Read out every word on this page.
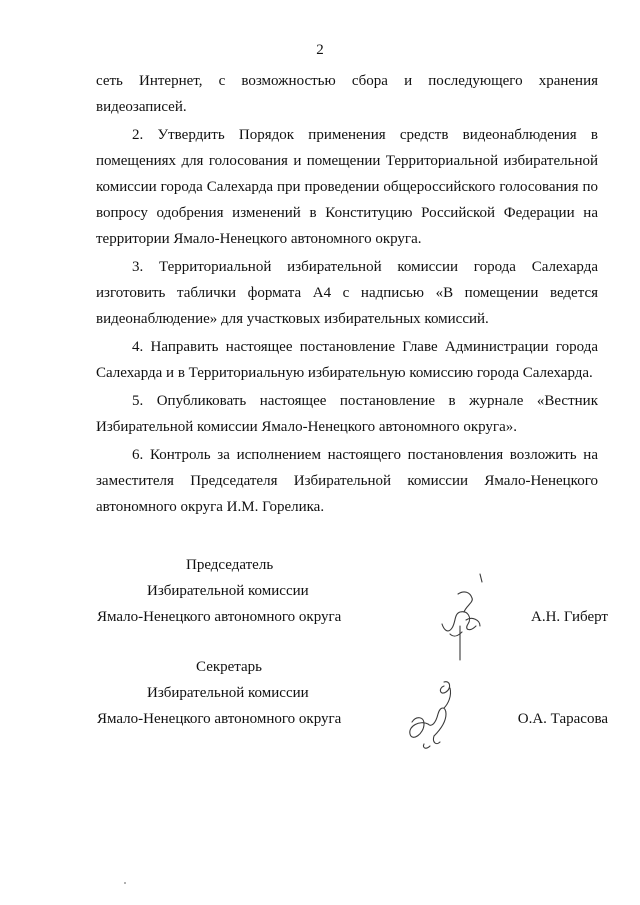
2

сеть Интернет, с возможностью сбора и последующего хранения видеозаписей.

2. Утвердить Порядок применения средств видеонаблюдения в помещениях для голосования и помещении Территориальной избирательной комиссии города Салехарда при проведении общероссийского голосования по вопросу одобрения изменений в Конституцию Российской Федерации на территории Ямало-Ненецкого автономного округа.

3. Территориальной избирательной комиссии города Салехарда изготовить таблички формата А4 с надписью «В помещении ведется видеонаблюдение» для участковых избирательных комиссий.

4. Направить настоящее постановление Главе Администрации города Салехарда и в Территориальную избирательную комиссию города Салехарда.

5. Опубликовать настоящее постановление в журнале «Вестник Избирательной комиссии Ямало-Ненецкого автономного округа».

6. Контроль за исполнением настоящего постановления возложить на заместителя Председателя Избирательной комиссии Ямало-Ненецкого автономного округа И.М. Горелика.

Председатель
Избирательной комиссии
Ямало-Ненецкого автономного округа	А.Н. Гиберт
Секретарь
Избирательной комиссии
Ямало-Ненецкого автономного округа	О.А. Тарасова
